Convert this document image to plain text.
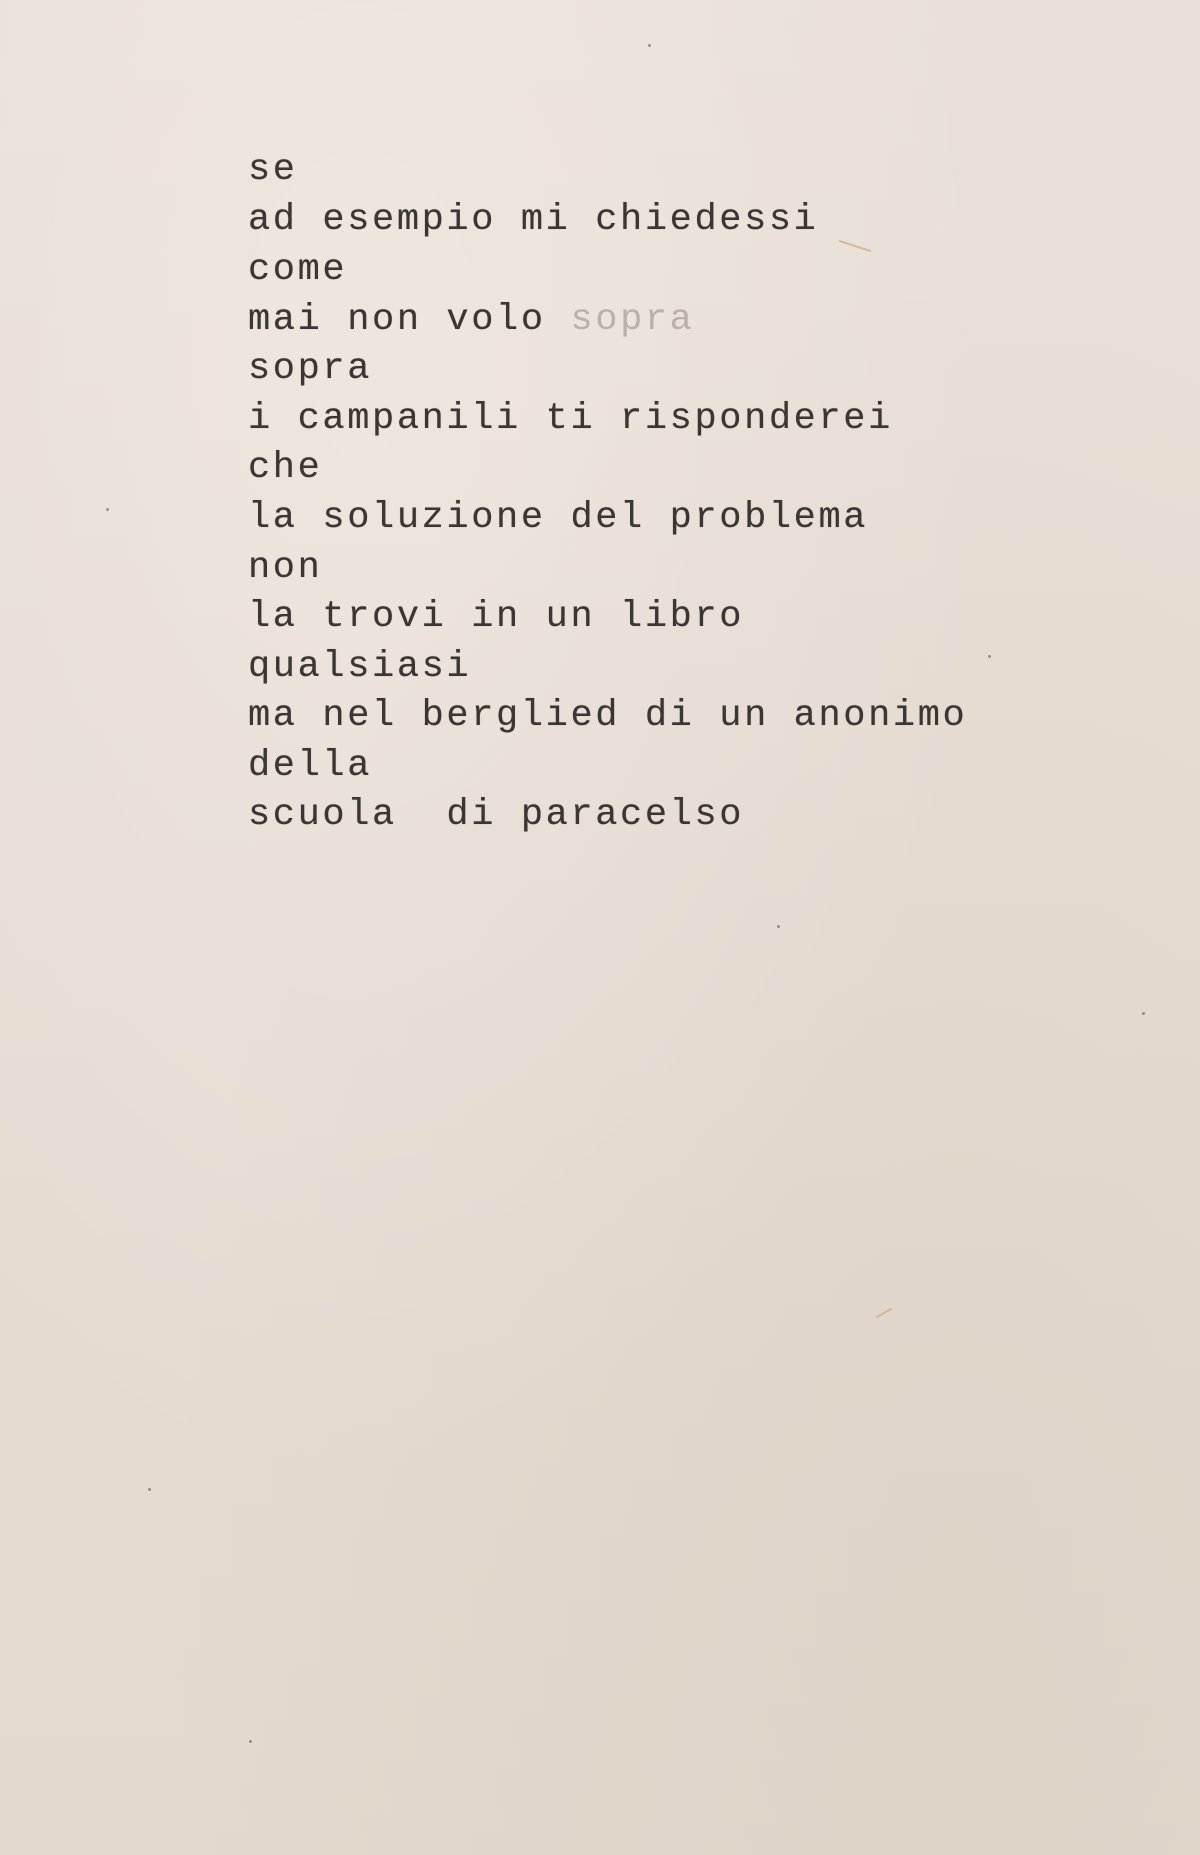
se
ad esempio mi chiedessi
come
mai non volo sopra
sopra
i campanili ti risponderei
che
la soluzione del problema
non
la trovi in un libro
qualsiasi
ma nel berglied di un anonimo
della
scuola  di paracelso
